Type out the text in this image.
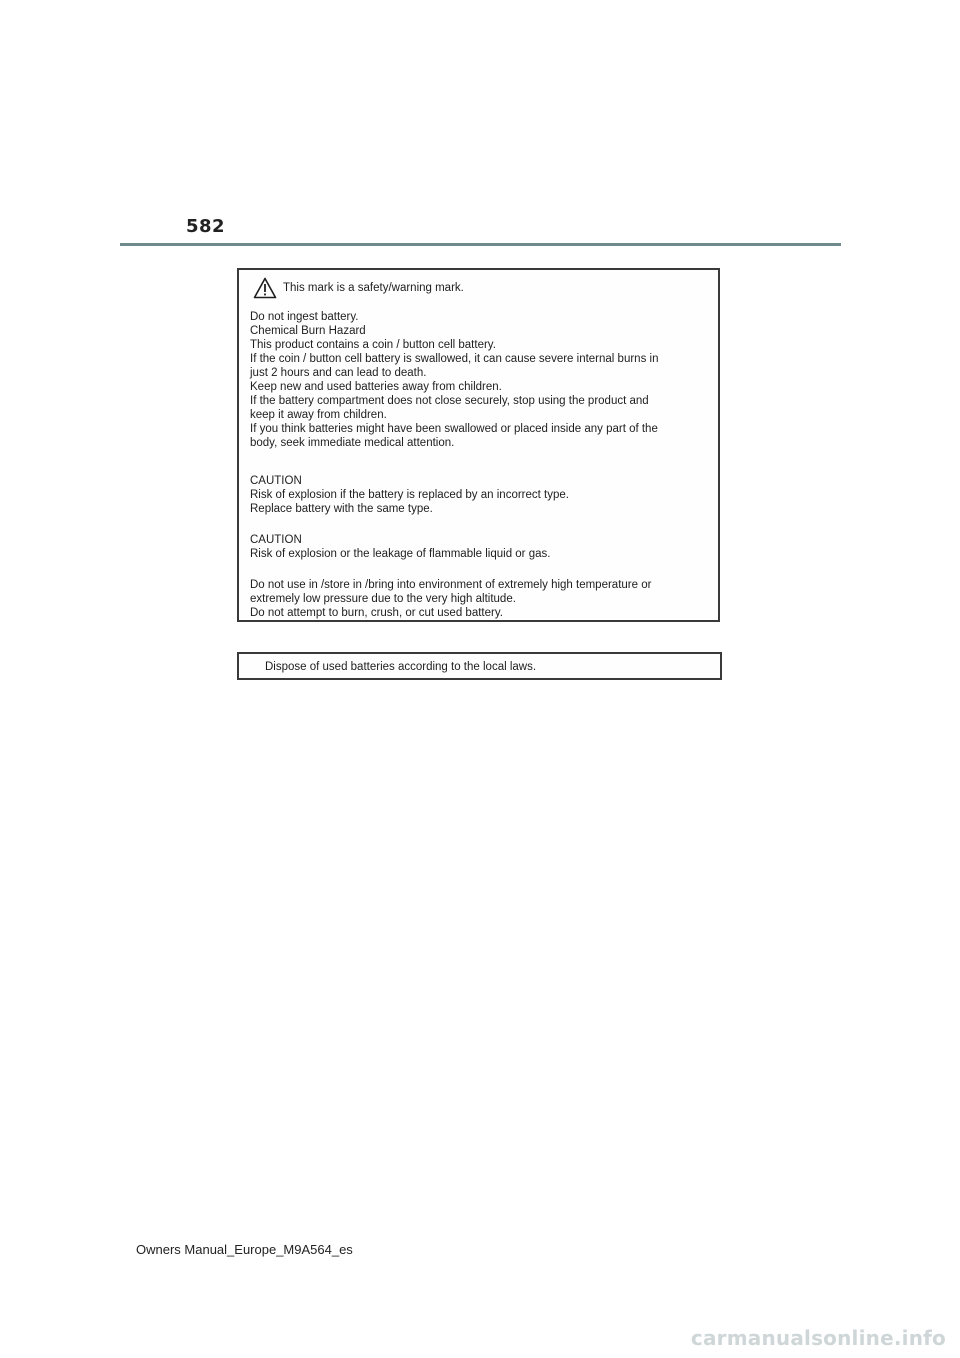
582
This mark is a safety/warning mark.
Do not ingest battery.
Chemical Burn Hazard
This product contains a coin / button cell battery.
If the coin / button cell battery is swallowed, it can cause severe internal burns in
just 2 hours and can lead to death.
Keep new and used batteries away from children.
If the battery compartment does not close securely, stop using the product and
keep it away from children.
If you think batteries might have been swallowed or placed inside any part of the
body, seek immediate medical attention.
CAUTION
Risk of explosion if the battery is replaced by an incorrect type.
Replace battery with the same type.
CAUTION
Risk of explosion or the leakage of flammable liquid or gas.
Do not use in /store in /bring into environment of extremely high temperature or
extremely low pressure due to the very high altitude.
Do not attempt to burn, crush, or cut used battery.
Dispose of used batteries according to the local laws.
Owners Manual_Europe_M9A564_es
carmanualsonline.info
